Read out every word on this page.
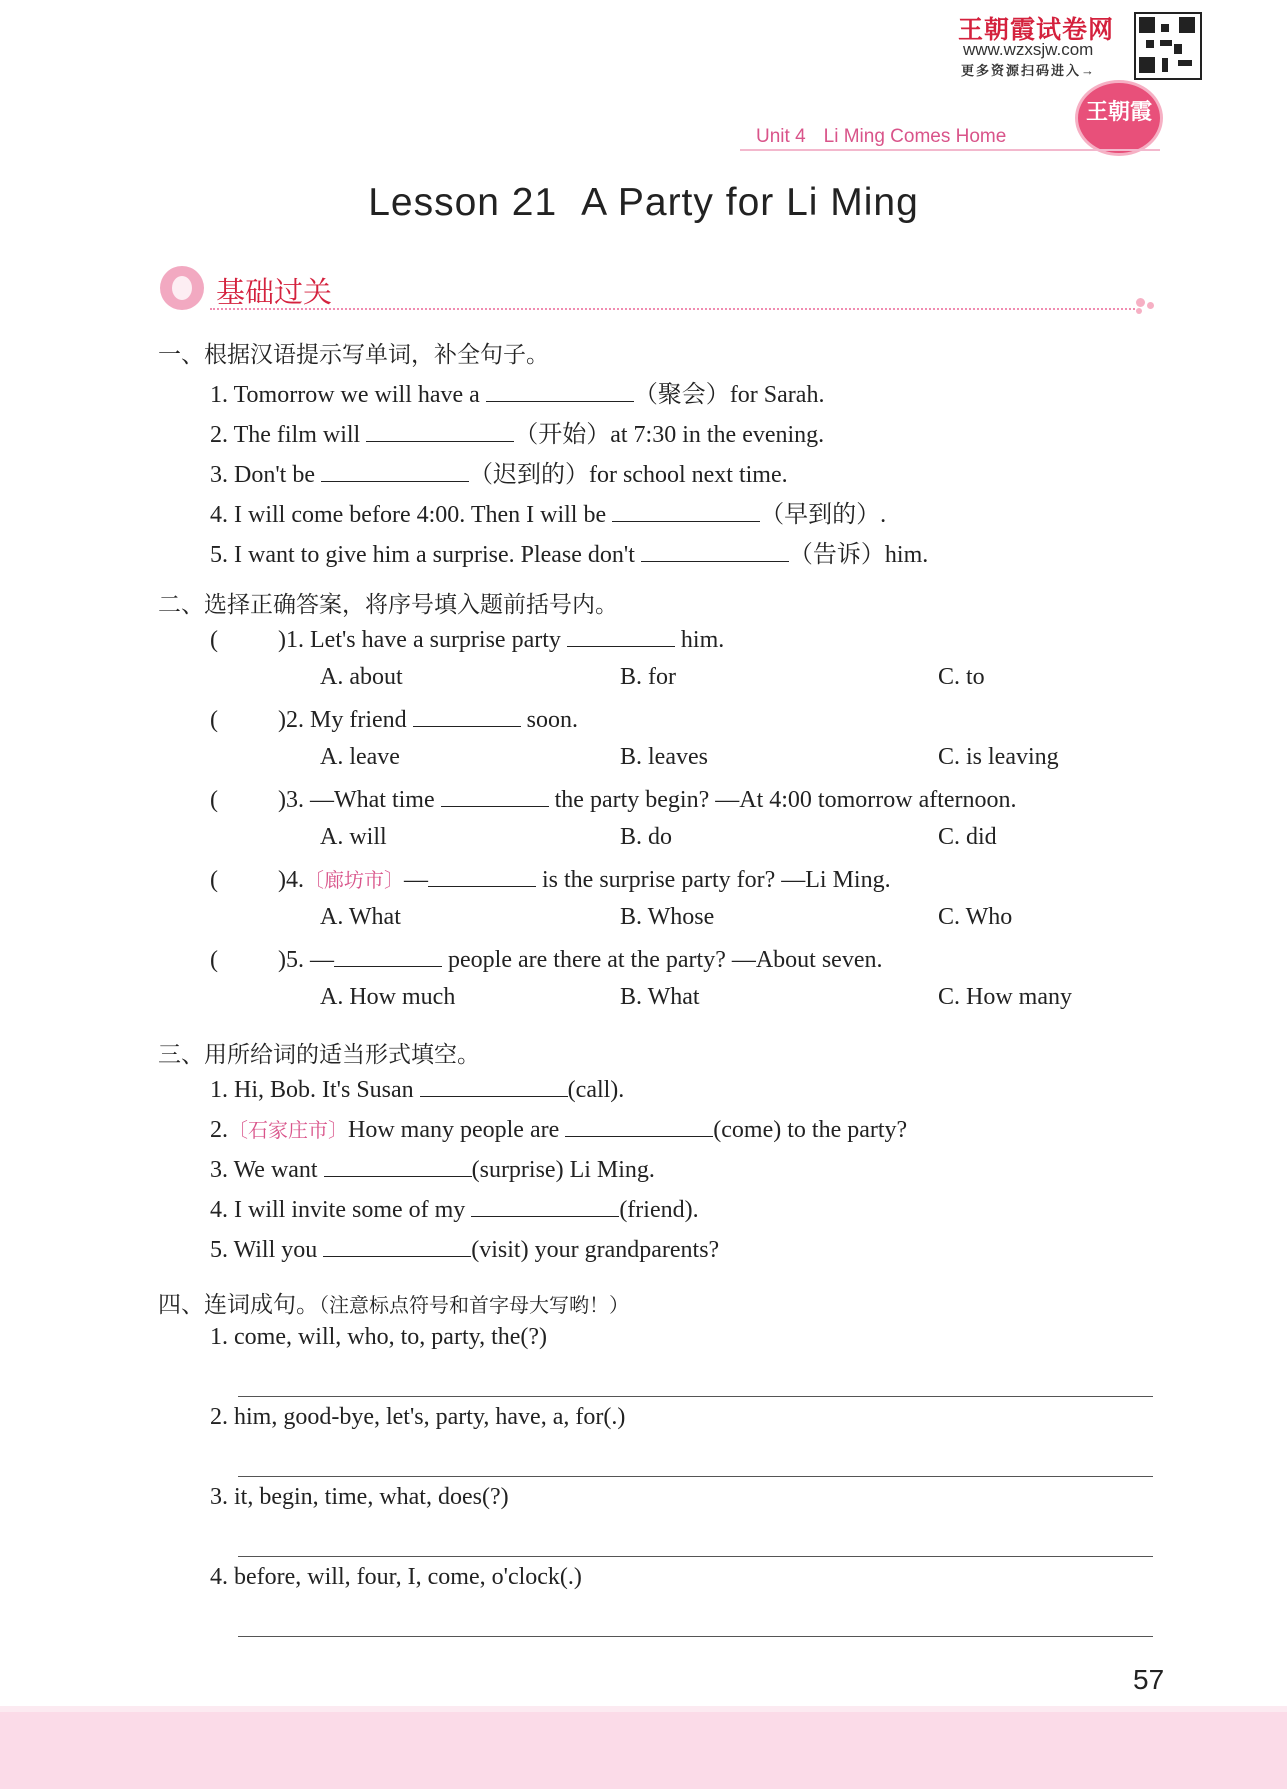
王朝霞试卷网
www.wzxsjw.com
更多资源扫码进入→
王朝霞
Unit 4 Li Ming Comes Home
Lesson 21 A Party for Li Ming
基础过关
一、根据汉语提示写单词，补全句子。
1. Tomorrow we will have a	（聚会）for Sarah.
2. The film will	（开始）at 7:30 in the evening.
3. Don't be	（迟到的）for school next time.
4. I will come before 4:00. Then I will be	（早到的）.
5. I want to give him a surprise. Please don't	（告诉）him.
二、选择正确答案，将序号填入题前括号内。
(	)1. Let's have a surprise party	him.
A. about	B. for	C. to
(	)2. My friend	soon.
A. leave	B. leaves	C. is leaving
(	)3. —What time	the party begin? —At 4:00 tomorrow afternoon.
A. will	B. do	C. did
(	)4.〔廊坊市〕—	is the surprise party for? —Li Ming.
A. What	B. Whose	C. Who
(	)5. —	people are there at the party? —About seven.
A. How much	B. What	C. How many
三、用所给词的适当形式填空。
1. Hi, Bob. It's Susan	(call).
2.〔石家庄市〕How many people are	(come) to the party?
3. We want	(surprise) Li Ming.
4. I will invite some of my	(friend).
5. Will you	(visit) your grandparents?
四、连词成句。（注意标点符号和首字母大写哟！）
1. come, will, who, to, party, the(?)
2. him, good-bye, let's, party, have, a, for(.)
3. it, begin, time, what, does(?)
4. before, will, four, I, come, o'clock(.)
57
